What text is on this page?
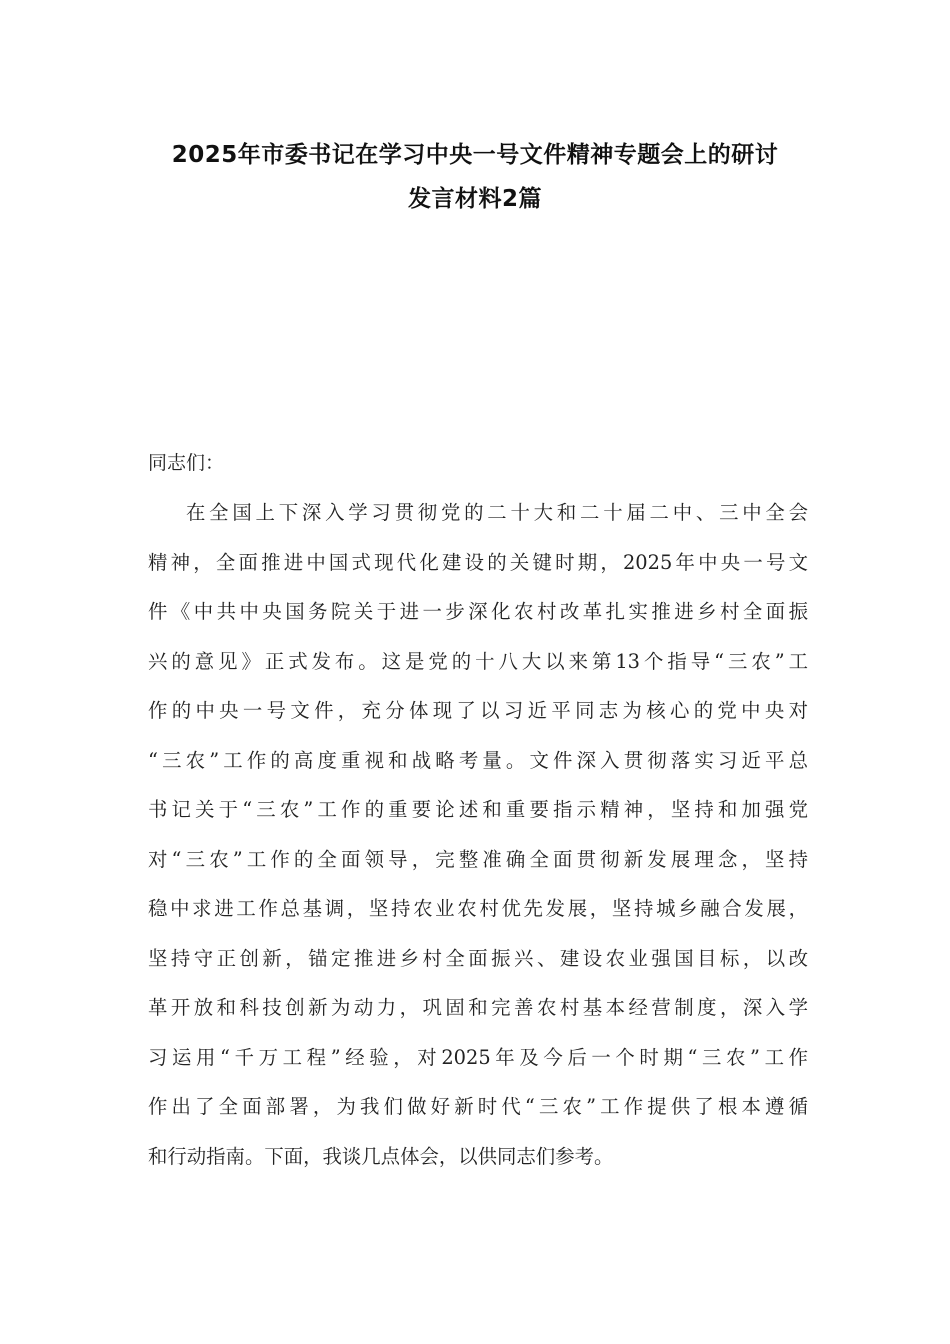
2025年市委书记在学习中央一号文件精神专题会上的研讨
发言材料2篇

同志们：

在全国上下深入学习贯彻党的二十大和二十届二中、三中全会
精神，全面推进中国式现代化建设的关键时期，2025年中央一号文
件《中共中央国务院关于进一步深化农村改革扎实推进乡村全面振
兴的意见》正式发布。这是党的十八大以来第13个指导“三农”工
作的中央一号文件，充分体现了以习近平同志为核心的党中央对
“三农”工作的高度重视和战略考量。文件深入贯彻落实习近平总
书记关于“三农”工作的重要论述和重要指示精神，坚持和加强党
对“三农”工作的全面领导，完整准确全面贯彻新发展理念，坚持
稳中求进工作总基调，坚持农业农村优先发展，坚持城乡融合发展，
坚持守正创新，锚定推进乡村全面振兴、建设农业强国目标，以改
革开放和科技创新为动力，巩固和完善农村基本经营制度，深入学
习运用“千万工程”经验，对2025年及今后一个时期“三农”工作
作出了全面部署，为我们做好新时代“三农”工作提供了根本遵循
和行动指南。下面，我谈几点体会，以供同志们参考。
